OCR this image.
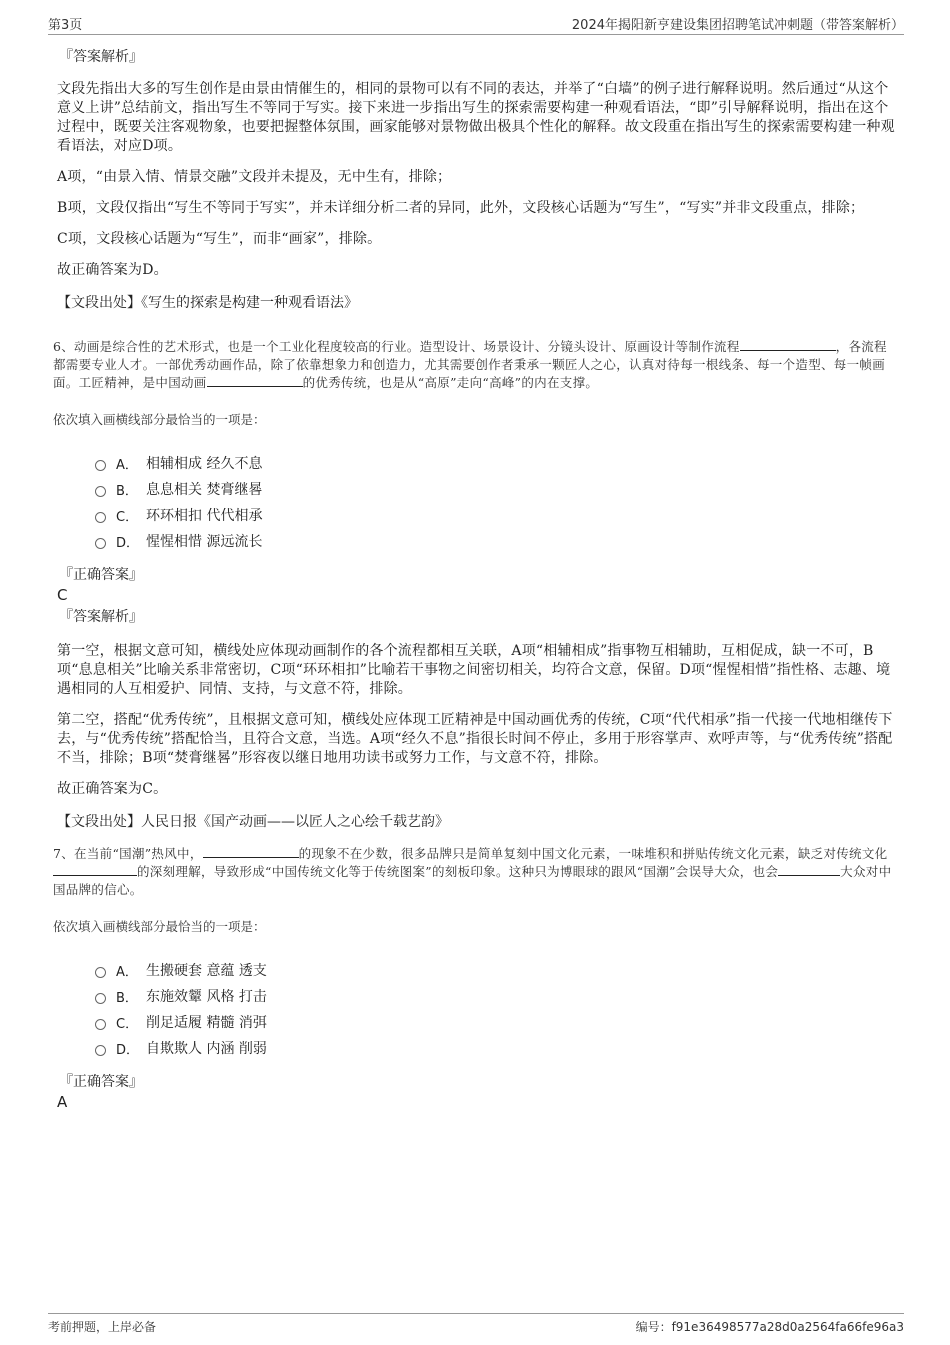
第3页	2024年揭阳新亨建设集团招聘笔试冲刺题（带答案解析）
『答案解析』

文段先指出大多的写生创作是由景由情催生的，相同的景物可以有不同的表达，并举了“白墙”的例子进行解释说明。然后通过“从这个意义上讲”总结前文，指出写生不等同于写实。接下来进一步指出写生的探索需要构建一种观看语法，“即”引导解释说明，指出在这个过程中，既要关注客观物象，也要把握整体氛围，画家能够对景物做出极具个性化的解释。故文段重在指出写生的探索需要构建一种观看语法，对应D项。

A项，“由景入情、情景交融”文段并未提及，无中生有，排除；

B项，文段仅指出“写生不等同于写实”，并未详细分析二者的异同，此外，文段核心话题为“写生”，“写实”并非文段重点，排除；

C项，文段核心话题为“写生”，而非“画家”，排除。

故正确答案为D。

【文段出处】《写生的探索是构建一种观看语法》
6、动画是综合性的艺术形式，也是一个工业化程度较高的行业。造型设计、场景设计、分镜头设计、原画设计等制作流程	，各流程都需要专业人才。一部优秀动画作品，除了依靠想象力和创造力，尤其需要创作者秉承一颗匠人之心，认真对待每一根线条、每一个造型、每一帧画面。工匠精神，是中国动画	的优秀传统，也是从“高原”走向“高峰”的内在支撑。
依次填入画横线部分最恰当的一项是：
A． 相辅相成 经久不息
B． 息息相关 焚膏继晷
C． 环环相扣 代代相承
D． 惺惺相惜 源远流长
『正确答案』
C
『答案解析』

第一空，根据文意可知，横线处应体现动画制作的各个流程都相互关联，A项“相辅相成”指事物互相辅助，互相促成，缺一不可，B项“息息相关”比喻关系非常密切，C项“环环相扣”比喻若干事物之间密切相关，均符合文意，保留。D项“惺惺相惜”指性格、志趣、境遇相同的人互相爱护、同情、支持，与文意不符，排除。

第二空，搭配“优秀传统”，且根据文意可知，横线处应体现工匠精神是中国动画优秀的传统，C项“代代相承”指一代接一代地相继传下去，与“优秀传统”搭配恰当，且符合文意，当选。A项“经久不息”指很长时间不停止，多用于形容掌声、欢呼声等，与“优秀传统”搭配不当，排除；B项“焚膏继晷”形容夜以继日地用功读书或努力工作，与文意不符，排除。

故正确答案为C。

【文段出处】人民日报《国产动画——以匠人之心绘千载艺韵》
7、在当前“国潮”热风中，	的现象不在少数，很多品牌只是简单复刻中国文化元素，一味堆积和拼贴传统文化元素，缺乏对传统文化的深刻理解，导致形成“中国传统文化等于传统图案”的刻板印象。这种只为博眼球的跟风“国潮”会误导大众，也会	大众对中国品牌的信心。
依次填入画横线部分最恰当的一项是：
A． 生搬硬套 意蕴 透支
B． 东施效颦 风格 打击
C． 削足适履 精髓 消弭
D． 自欺欺人 内涵 削弱
『正确答案』
A
考前押题，上岸必备	编号：f91e36498577a28d0a2564fa66fe96a3
